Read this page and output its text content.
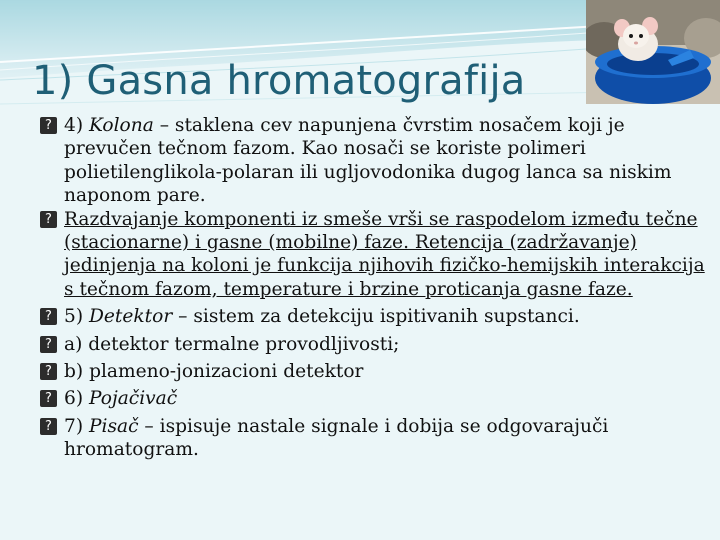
1) Gasna hromatografija

? 4) Kolona – staklena cev napunjena čvrstim nosačem koji je prevučen tečnom fazom. Kao nosači se koriste polimeri polietilenglikola-polaran ili ugljovodonika dugog lanca sa niskim naponom pare.

? Razdvajanje komponenti iz smeše vrši se raspodelom između tečne (stacionarne) i gasne (mobilne) faze. Retencija (zadržavanje) jedinjenja na koloni je funkcija njihovih fizičko-hemijskih interakcija s tečnom fazom, temperature i brzine proticanja gasne faze.

? 5) Detektor – sistem za detekciju ispitivanih supstanci.

? a) detektor termalne provodljivosti;

? b) plameno-jonizacioni detektor

? 6) Pojačivač

? 7) Pisač – ispisuje nastale signale i dobija se odgovarajuči hromatogram.
